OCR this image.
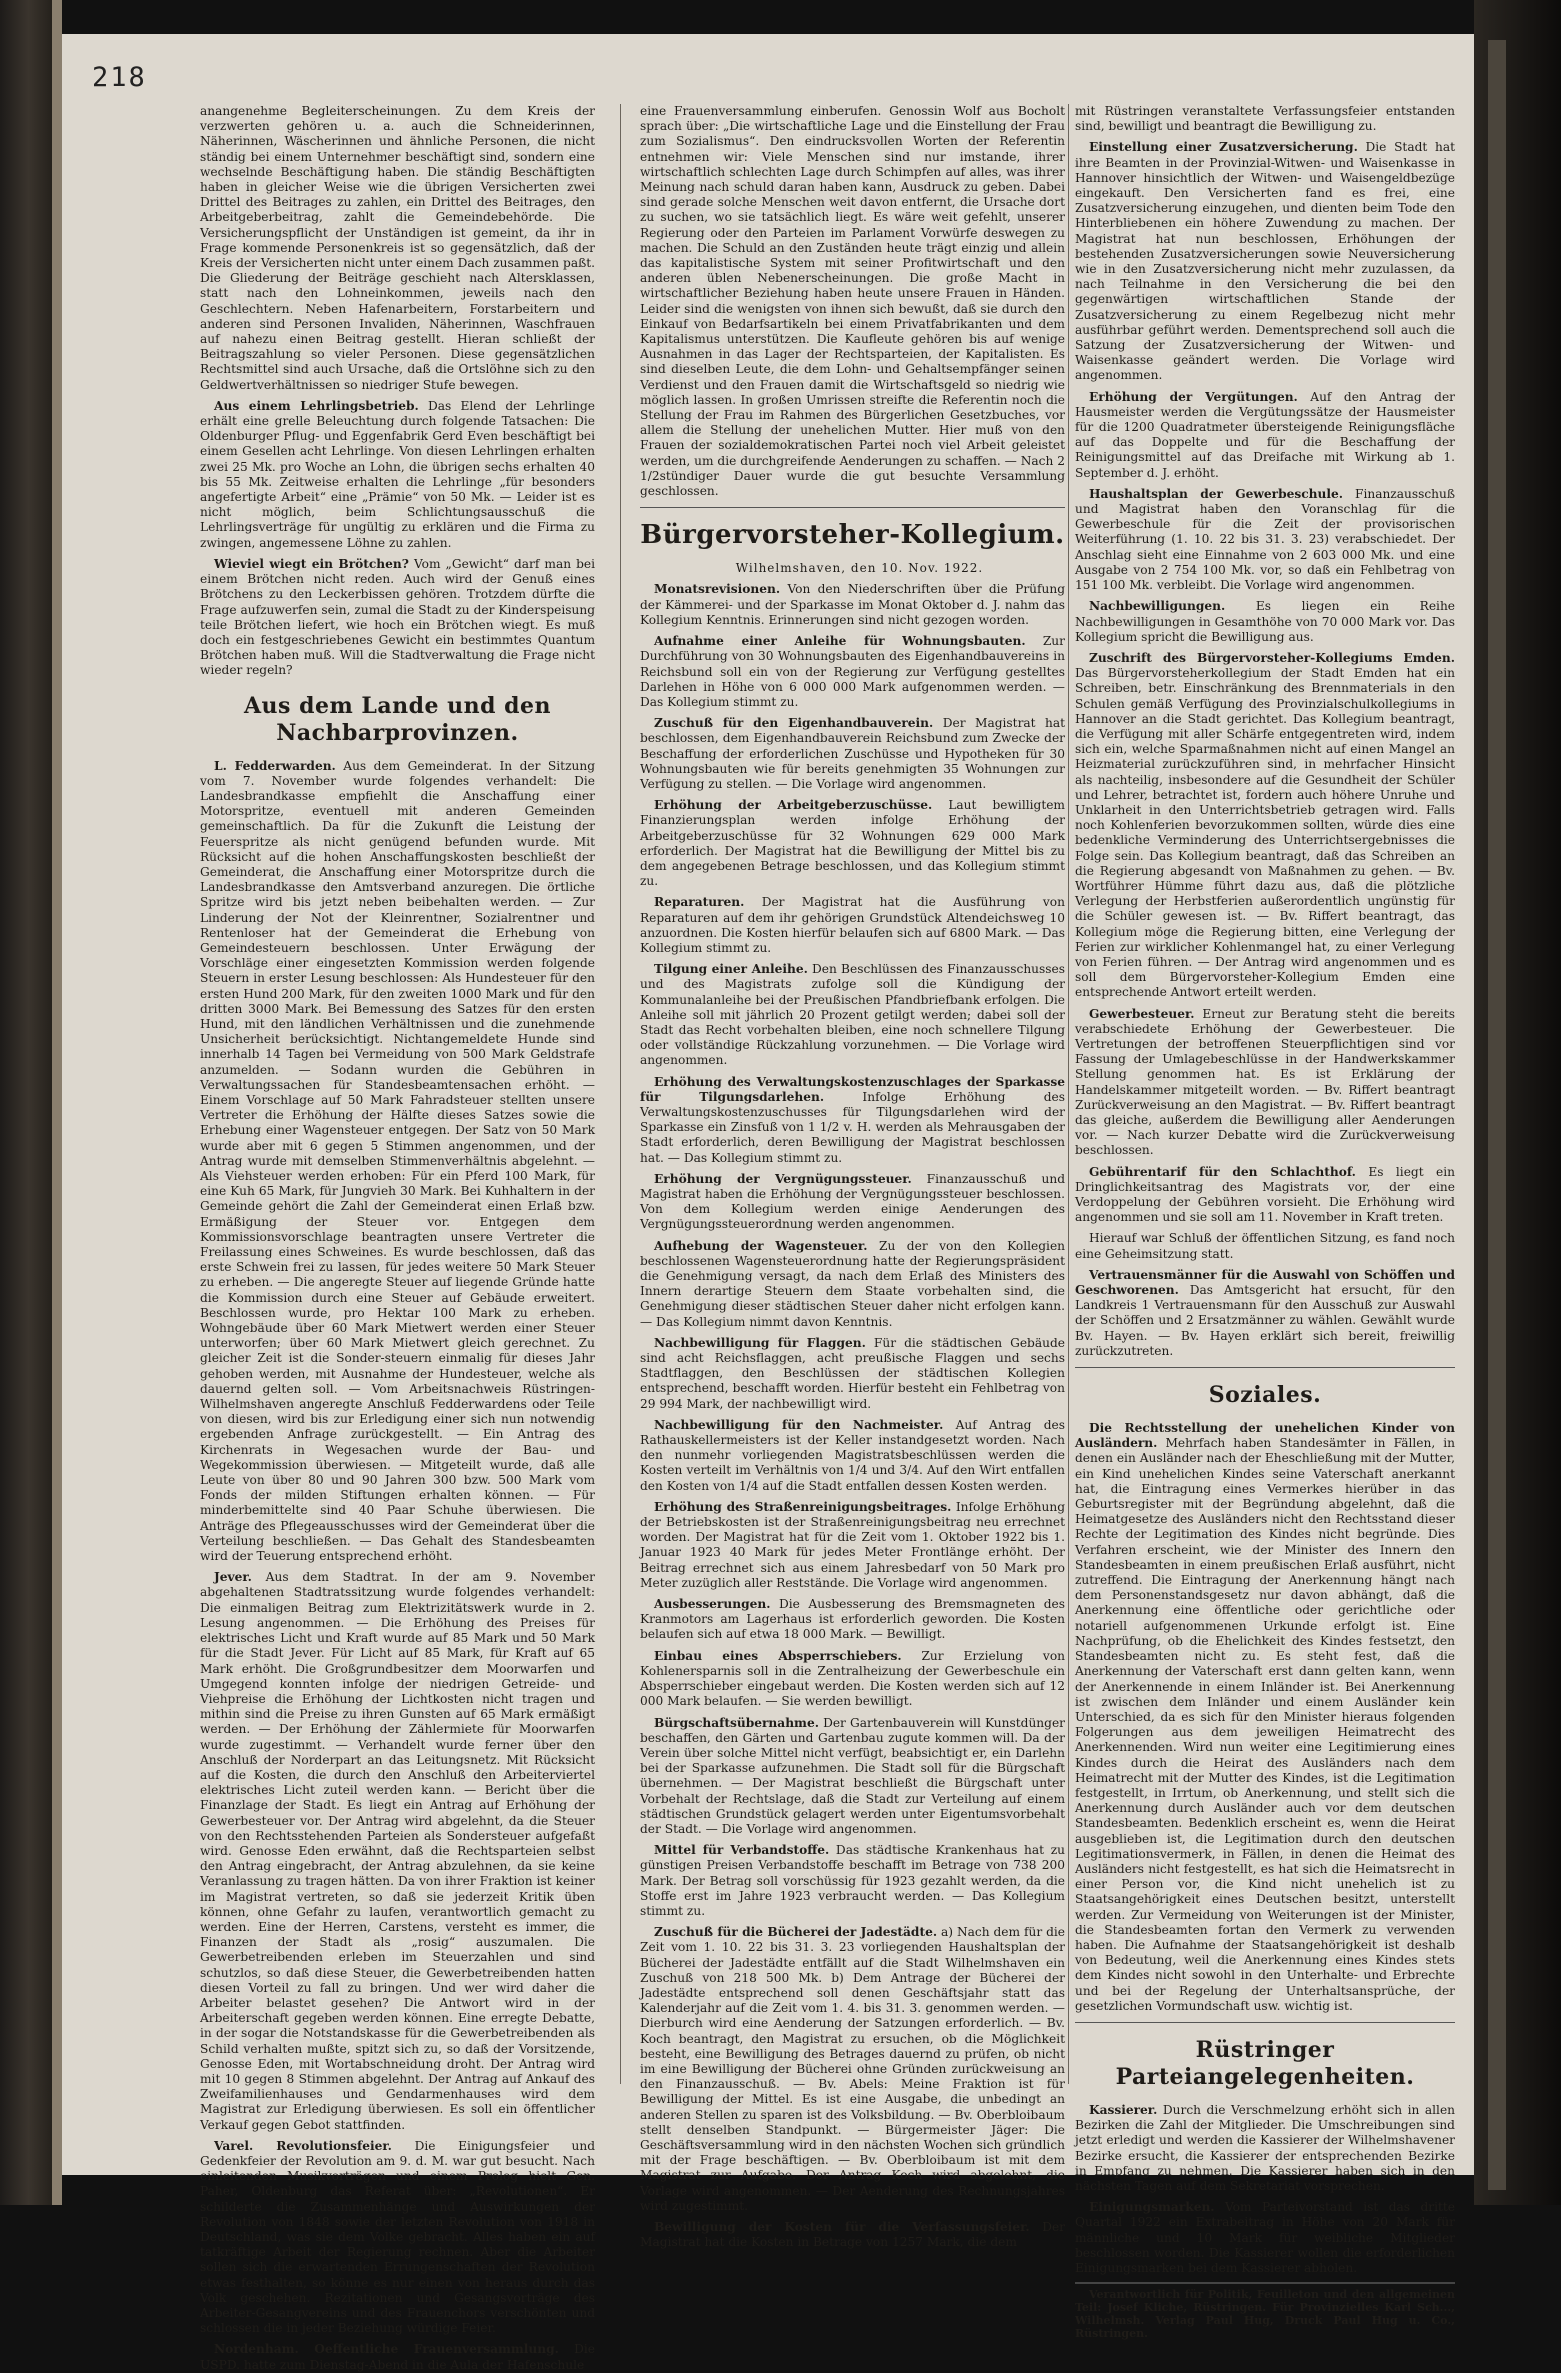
218

anangenehme Begleiterscheinungen. Zu dem Kreis der verzwerten gehören u. a. auch die Schneiderinnen, Näherinnen, Wäscherinnen und ähnliche Personen, die nicht ständig bei einem Unternehmer beschäftigt sind, sondern eine wechselnde Beschäftigung haben. Die ständig Beschäftigten haben in gleicher Weise wie die übrigen Versicherten zwei Drittel des Beitrages zu zahlen, ein Drittel des Beitrages, den Arbeitgeberbeitrag, zahlt die Gemeindebehörde. Die Versicherungspflicht der Unständigen ist gemeint, da ihr in Frage kommende Personenkreis ist so gegensätzlich, daß der Kreis der Versicherten nicht unter einem Dach zusammen paßt. Die Gliederung der Beiträge geschieht nach Altersklassen, statt nach den Lohneinkommen, jeweils nach den Geschlechtern. Neben Hafenarbeitern, Forstarbeitern und anderen sind Personen Invaliden, Näherinnen, Waschfrauen auf nahezu einen Beitrag gestellt. Hieran schließt der Beitragszahlung so vieler Personen. Diese gegensätzlichen Rechtsmittel sind auch Ursache, daß die Ortslöhne sich zu den Geldwertverhältnissen so niedriger Stufe bewegen.

Aus einem Lehrlingsbetrieb. Das Elend der Lehrlinge erhält eine grelle Beleuchtung durch folgende Tatsachen: Die Oldenburger Pflug- und Eggenfabrik Gerd Even beschäftigt bei einem Gesellen acht Lehrlinge. Von diesen Lehrlingen erhalten zwei 25 Mk. pro Woche an Lohn, die übrigen sechs erhalten 40 bis 55 Mk. Zeitweise erhalten die Lehrlinge „für besonders angefertigte Arbeit“ eine „Prämie“ von 50 Mk. — Leider ist es nicht möglich, beim Schlichtungsausschuß die Lehrlingsverträge für ungültig zu erklären und die Firma zu zwingen, angemessene Löhne zu zahlen.

Wieviel wiegt ein Brötchen? Vom „Gewicht“ darf man bei einem Brötchen nicht reden. Auch wird der Genuß eines Brötchens zu den Leckerbissen gehören. Trotzdem dürfte die Frage aufzuwerfen sein, zumal die Stadt zu der Kinderspeisung teile Brötchen liefert, wie hoch ein Brötchen wiegt. Es muß doch ein festgeschriebenes Gewicht ein bestimmtes Quantum Brötchen haben muß. Will die Stadtverwaltung die Frage nicht wieder regeln?

Aus dem Lande und den Nachbarprovinzen.

L. Fedderwarden. Aus dem Gemeinderat. In der Sitzung vom 7. November wurde folgendes verhandelt: Die Landesbrandkasse empfiehlt die Anschaffung einer Motorspritze, eventuell mit anderen Gemeinden gemeinschaftlich. Da für die Zukunft die Leistung der Feuerspritze als nicht genügend befunden wurde. Mit Rücksicht auf die hohen Anschaffungskosten beschließt der Gemeinderat, die Anschaffung einer Motorspritze durch die Landesbrandkasse den Amtsverband anzuregen. Die örtliche Spritze wird bis jetzt neben beibehalten werden. — Zur Linderung der Not der Kleinrentner, Sozialrentner und Rentenloser hat der Gemeinderat die Erhebung von Gemeindesteuern beschlossen. Unter Erwägung der Vorschläge einer eingesetzten Kommission werden folgende Steuern in erster Lesung beschlossen: Als Hundesteuer für den ersten Hund 200 Mark, für den zweiten 1000 Mark und für den dritten 3000 Mark. Bei Bemessung des Satzes für den ersten Hund, mit den ländlichen Verhältnissen und die zunehmende Unsicherheit berücksichtigt. Nichtangemeldete Hunde sind innerhalb 14 Tagen bei Vermeidung von 500 Mark Geldstrafe anzumelden. — Sodann wurden die Gebühren in Verwaltungssachen für Standesbeamtensachen erhöht. — Einem Vorschlage auf 50 Mark Fahradsteuer stellten unsere Vertreter die Erhöhung der Hälfte dieses Satzes sowie die Erhebung einer Wagensteuer entgegen. Der Satz von 50 Mark wurde aber mit 6 gegen 5 Stimmen angenommen, und der Antrag wurde mit demselben Stimmenverhältnis abgelehnt. — Als Viehsteuer werden erhoben: Für ein Pferd 100 Mark, für eine Kuh 65 Mark, für Jungvieh 30 Mark. Bei Kuhhaltern in der Gemeinde gehört die Zahl der Gemeinderat einen Erlaß bzw. Ermäßigung der Steuer vor. Entgegen dem Kommissionsvorschlage beantragten unsere Vertreter die Freilassung eines Schweines. Es wurde beschlossen, daß das erste Schwein frei zu lassen, für jedes weitere 50 Mark Steuer zu erheben. — Die angeregte Steuer auf liegende Gründe hatte die Kommission durch eine Steuer auf Gebäude erweitert. Beschlossen wurde, pro Hektar 100 Mark zu erheben. Wohngebäude über 60 Mark Mietwert werden einer Steuer unterworfen; über 60 Mark Mietwert gleich gerechnet. Zu gleicher Zeit ist die Sonder-steuern einmalig für dieses Jahr gehoben werden, mit Ausnahme der Hundesteuer, welche als dauernd gelten soll. — Vom Arbeitsnachweis Rüstringen-Wilhelmshaven angeregte Anschluß Fedderwardens oder Teile von diesen, wird bis zur Erledigung einer sich nun notwendig ergebenden Anfrage zurückgestellt. — Ein Antrag des Kirchenrats in Wegesachen wurde der Bau- und Wegekommission überwiesen. — Mitgeteilt wurde, daß alle Leute von über 80 und 90 Jahren 300 bzw. 500 Mark vom Fonds der milden Stiftungen erhalten können. — Für minderbemittelte sind 40 Paar Schuhe überwiesen. Die Anträge des Pflegeausschusses wird der Gemeinderat über die Verteilung beschließen. — Das Gehalt des Standesbeamten wird der Teuerung entsprechend erhöht.

Jever. Aus dem Stadtrat. In der am 9. November abgehaltenen Stadtratssitzung wurde folgendes verhandelt: Die einmaligen Beitrag zum Elektrizitätswerk wurde in 2. Lesung angenommen. — Die Erhöhung des Preises für elektrisches Licht und Kraft wurde auf 85 Mark und 50 Mark für die Stadt Jever. Für Licht auf 85 Mark, für Kraft auf 65 Mark erhöht. Die Großgrundbesitzer dem Moorwarfen und Umgegend konnten infolge der niedrigen Getreide- und Viehpreise die Erhöhung der Lichtkosten nicht tragen und mithin sind die Preise zu ihren Gunsten auf 65 Mark ermäßigt werden. — Der Erhöhung der Zählermiete für Moorwarfen wurde zugestimmt. — Verhandelt wurde ferner über den Anschluß der Norderpart an das Leitungsnetz. Mit Rücksicht auf die Kosten, die durch den Anschluß den Arbeiterviertel elektrisches Licht zuteil werden kann. — Bericht über die Finanzlage der Stadt. Es liegt ein Antrag auf Erhöhung der Gewerbesteuer vor. Der Antrag wird abgelehnt, da die Steuer von den Rechtsstehenden Parteien als Sondersteuer aufgefaßt wird. Genosse Eden erwähnt, daß die Rechtsparteien selbst den Antrag eingebracht, der Antrag abzulehnen, da sie keine Veranlassung zu tragen hätten. Da von ihrer Fraktion ist keiner im Magistrat vertreten, so daß sie jederzeit Kritik üben können, ohne Gefahr zu laufen, verantwortlich gemacht zu werden. Eine der Herren, Carstens, versteht es immer, die Finanzen der Stadt als „rosig“ auszumalen. Die Gewerbetreibenden erleben im Steuerzahlen und sind schutzlos, so daß diese Steuer, die Gewerbetreibenden hatten diesen Vorteil zu fall zu bringen. Und wer wird daher die Arbeiter belastet gesehen? Die Antwort wird in der Arbeiterschaft gegeben werden können. Eine erregte Debatte, in der sogar die Notstandskasse für die Gewerbetreibenden als Schild verhalten mußte, spitzt sich zu, so daß der Vorsitzende, Genosse Eden, mit Wortabschneidung droht. Der Antrag wird mit 10 gegen 8 Stimmen abgelehnt. Der Antrag auf Ankauf des Zweifamilienhauses und Gendarmenhauses wird dem Magistrat zur Erledigung überwiesen. Es soll ein öffentlicher Verkauf gegen Gebot stattfinden.

Varel. Revolutionsfeier. Die Einigungsfeier und Gedenkfeier der Revolution am 9. d. M. war gut besucht. Nach einleitenden Musikvorträgen und einem Prolog hielt Gen. Paher, Oldenburg das Referat über: „Revolutionen“. Er schilderte die Zusammenhänge und Auswirkungen der Revolution von 1848 sowie der letzten Revolution von 1918 in Deutschland, was sie dem Volke gebracht. Alles haben ein auf tatkräftige Arbeit der Regierung rechnen. Aber die Arbeiter sollen sich die erwartenden Errungenschaften der Revolution etwas festhalten, so könne es nur einen von heraus durch das Volk geschehen. Rezitationen und Gesangsvorträge des Arbeiter-Gesangvereins und des Frauenchors verschönten und schlossen die in jeder Beziehung würdige Feier.

Nordenham. Oeffentliche Frauenversammlung. Die USPD. hatte zum Dienstag-Abend in die Aula der Hafenschule

eine Frauenversammlung einberufen. Genossin Wolf aus Bocholt sprach über: „Die wirtschaftliche Lage und die Einstellung der Frau zum Sozialismus“. Den eindrucksvollen Worten der Referentin entnehmen wir: Viele Menschen sind nur imstande, ihrer wirtschaftlich schlechten Lage durch Schimpfen auf alles, was ihrer Meinung nach schuld daran haben kann, Ausdruck zu geben. Dabei sind gerade solche Menschen weit davon entfernt, die Ursache dort zu suchen, wo sie tatsächlich liegt. Es wäre weit gefehlt, unserer Regierung oder den Parteien im Parlament Vorwürfe deswegen zu machen. Die Schuld an den Zuständen heute trägt einzig und allein das kapitalistische System mit seiner Profitwirtschaft und den anderen üblen Nebenerscheinungen. Die große Macht in wirtschaftlicher Beziehung haben heute unsere Frauen in Händen. Leider sind die wenigsten von ihnen sich bewußt, daß sie durch den Einkauf von Bedarfsartikeln bei einem Privatfabrikanten und dem Kapitalismus unterstützen. Die Kaufleute gehören bis auf wenige Ausnahmen in das Lager der Rechtsparteien, der Kapitalisten. Es sind dieselben Leute, die dem Lohn- und Gehaltsempfänger seinen Verdienst und den Frauen damit die Wirtschaftsgeld so niedrig wie möglich lassen. In großen Umrissen streifte die Referentin noch die Stellung der Frau im Rahmen des Bürgerlichen Gesetzbuches, vor allem die Stellung der unehelichen Mutter. Hier muß von den Frauen der sozialdemokratischen Partei noch viel Arbeit geleistet werden, um die durchgreifende Aenderungen zu schaffen. — Nach 2 1/2stündiger Dauer wurde die gut besuchte Versammlung geschlossen.

Bürgervorsteher-Kollegium.

Wilhelmshaven, den 10. Nov. 1922.

Monatsrevisionen. Von den Niederschriften über die Prüfung der Kämmerei- und der Sparkasse im Monat Oktober d. J. nahm das Kollegium Kenntnis. Erinnerungen sind nicht gezogen worden.

Aufnahme einer Anleihe für Wohnungsbauten. Zur Durchführung von 30 Wohnungsbauten des Eigenhandbauvereins in Reichsbund soll ein von der Regierung zur Verfügung gestelltes Darlehen in Höhe von 6 000 000 Mark aufgenommen werden. — Das Kollegium stimmt zu.

Zuschuß für den Eigenhandbauverein. Der Magistrat hat beschlossen, dem Eigenhandbauverein Reichsbund zum Zwecke der Beschaffung der erforderlichen Zuschüsse und Hypotheken für 30 Wohnungsbauten wie für bereits genehmigten 35 Wohnungen zur Verfügung zu stellen. — Die Vorlage wird angenommen.

Erhöhung der Arbeitgeberzuschüsse. Laut bewilligtem Finanzierungsplan werden infolge Erhöhung der Arbeitgeberzuschüsse für 32 Wohnungen 629 000 Mark erforderlich. Der Magistrat hat die Bewilligung der Mittel bis zu dem angegebenen Betrage beschlossen, und das Kollegium stimmt zu.

Reparaturen. Der Magistrat hat die Ausführung von Reparaturen auf dem ihr gehörigen Grundstück Altendeichsweg 10 anzuordnen. Die Kosten hierfür belaufen sich auf 6800 Mark. — Das Kollegium stimmt zu.

Tilgung einer Anleihe. Den Beschlüssen des Finanzausschusses und des Magistrats zufolge soll die Kündigung der Kommunalanleihe bei der Preußischen Pfandbriefbank erfolgen. Die Anleihe soll mit jährlich 20 Prozent getilgt werden; dabei soll der Stadt das Recht vorbehalten bleiben, eine noch schnellere Tilgung oder vollständige Rückzahlung vorzunehmen. — Die Vorlage wird angenommen.

Erhöhung des Verwaltungskostenzuschlages der Sparkasse für Tilgungsdarlehen.	Infolge Erhöhung des Verwaltungskostenzuschusses für Tilgungsdarlehen wird der Sparkasse ein Zinsfuß von 1 1/2 v. H. werden als Mehrausgaben der Stadt erforderlich, deren Bewilligung der Magistrat beschlossen hat. — Das Kollegium stimmt zu.

Erhöhung der Vergnügungssteuer. Finanzausschuß und Magistrat haben die Erhöhung der Vergnügungssteuer beschlossen. Von dem Kollegium werden einige Aenderungen des Vergnügungssteuerordnung werden angenommen.

Aufhebung der Wagensteuer. Zu der von den Kollegien beschlossenen Wagensteuerordnung hatte der Regierungspräsident die Genehmigung versagt, da nach dem Erlaß des Ministers des Innern derartige Steuern dem Staate vorbehalten sind, die Genehmigung dieser städtischen Steuer daher nicht erfolgen kann. — Das Kollegium nimmt davon Kenntnis.

Nachbewilligung für Flaggen. Für die städtischen Gebäude sind acht Reichsflaggen, acht preußische Flaggen und sechs Stadtflaggen, den Beschlüssen der städtischen Kollegien entsprechend, beschafft worden. Hierfür besteht ein Fehlbetrag von 29 994 Mark, der nachbewilligt wird.

Nachbewilligung für den Nachmeister. Auf Antrag des Rathauskellermeisters ist der Keller instandgesetzt worden. Nach den nunmehr vorliegenden Magistratsbeschlüssen werden die Kosten verteilt im Verhältnis von 1/4 und 3/4. Auf den Wirt entfallen den Kosten von 1/4 auf die Stadt entfallen dessen Kosten werden.

Erhöhung des Straßenreinigungsbeitrages. Infolge Erhöhung der Betriebskosten ist der Straßenreinigungsbeitrag neu errechnet worden. Der Magistrat hat für die Zeit vom 1. Oktober 1922 bis 1. Januar 1923 40 Mark für jedes Meter Frontlänge erhöht. Der Beitrag errechnet sich aus einem Jahresbedarf von 50 Mark pro Meter zuzüglich aller Reststände. Die Vorlage wird angenommen.

Ausbesserungen. Die Ausbesserung des Bremsmagneten des Kranmotors am Lagerhaus ist erforderlich geworden. Die Kosten belaufen sich auf etwa 18 000 Mark. — Bewilligt.

Einbau eines Absperrschiebers. Zur Erzielung von Kohlenersparnis soll in die Zentralheizung der Gewerbeschule ein Absperrschieber eingebaut werden. Die Kosten werden sich auf 12 000 Mark belaufen. — Sie werden bewilligt.

Bürgschaftsübernahme. Der Gartenbauverein will Kunstdünger beschaffen, den Gärten und Gartenbau zugute kommen will. Da der Verein über solche Mittel nicht verfügt, beabsichtigt er, ein Darlehn bei der Sparkasse aufzunehmen. Die Stadt soll für die Bürgschaft übernehmen. — Der Magistrat beschließt die Bürgschaft unter Vorbehalt der Rechtslage, daß die Stadt zur Verteilung auf einem städtischen Grundstück gelagert werden unter Eigentumsvorbehalt der Stadt. — Die Vorlage wird angenommen.

Mittel für Verbandstoffe. Das städtische Krankenhaus hat zu günstigen Preisen Verbandstoffe beschafft im Betrage von 738 200 Mark. Der Betrag soll vorschüssig für 1923 gezahlt werden, da die Stoffe erst im Jahre 1923 verbraucht werden. — Das Kollegium stimmt zu.

Zuschuß für die Bücherei der Jadestädte. a) Nach dem für die Zeit vom 1. 10. 22 bis 31. 3. 23 vorliegenden Haushaltsplan der Bücherei der Jadestädte entfällt auf die Stadt Wilhelmshaven ein Zuschuß von 218 500 Mk. b) Dem Antrage der Bücherei der Jadestädte entsprechend soll denen Geschäftsjahr statt das Kalenderjahr auf die Zeit vom 1. 4. bis 31. 3. genommen werden. — Dierburch wird eine Aenderung der Satzungen erforderlich. — Bv. Koch beantragt, den Magistrat zu ersuchen, ob die Möglichkeit besteht, eine Bewilligung des Betrages dauernd zu prüfen, ob nicht im eine Bewilligung der Bücherei ohne Gründen zurückweisung an den Finanzausschuß. — Bv. Abels: Meine Fraktion ist für Bewilligung der Mittel. Es ist eine Ausgabe, die unbedingt an anderen Stellen zu sparen ist des Volksbildung. — Bv. Oberbloibaum stellt denselben Standpunkt. — Bürgermeister Jäger: Die Geschäftsversammlung wird in den nächsten Wochen sich gründlich mit der Frage beschäftigen. — Bv. Oberbloibaum ist mit dem Magistrat zur Aufgabe. Der Antrag Koch wird abgelehnt, die Vorlage wird angenommen. — Der Aenderung des Rechnungsjahres wird zugestimmt.

Bewilligung der Kosten für die Verfassungsfeier. Der Magistrat hat die Kosten in Betrage von 1257 Mark, die dem

mit Rüstringen veranstaltete Verfassungsfeier entstanden sind, bewilligt und beantragt die Bewilligung zu.

Einstellung einer Zusatzversicherung. Die Stadt hat ihre Beamten in der Provinzial-Witwen- und Waisenkasse in Hannover hinsichtlich der Witwen- und Waisengeldbezüge eingekauft. Den Versicherten fand es frei, eine Zusatzversicherung einzugehen, und dienten beim Tode den Hinterbliebenen ein höhere Zuwendung zu machen. Der Magistrat hat nun beschlossen, Erhöhungen der bestehenden Zusatzversicherungen sowie Neuversicherung wie in den Zusatzversicherung nicht mehr zuzulassen, da nach Teilnahme in den Versicherung die bei den gegenwärtigen wirtschaftlichen Stande der Zusatzversicherung zu einem Regelbezug nicht mehr ausführbar geführt werden. Dementsprechend soll auch die Satzung der Zusatzversicherung der Witwen- und Waisenkasse geändert werden. Die Vorlage wird angenommen.

Erhöhung der Vergütungen. Auf den Antrag der Hausmeister werden die Vergütungssätze der Hausmeister für die 1200 Quadratmeter übersteigende Reinigungsfläche auf das Doppelte und für die Beschaffung der Reinigungsmittel auf das Dreifache mit Wirkung ab 1. September d. J. erhöht.

Haushaltsplan der Gewerbeschule. Finanzausschuß und Magistrat haben den Voranschlag für die Gewerbeschule für die Zeit der provisorischen Weiterführung (1. 10. 22 bis 31. 3. 23) verabschiedet. Der Anschlag sieht eine Einnahme von 2 603 000 Mk. und eine Ausgabe von 2 754 100 Mk. vor, so daß ein Fehlbetrag von 151 100 Mk. verbleibt. Die Vorlage wird angenommen.

Nachbewilligungen.	Es liegen ein Reihe Nachbewilligungen in Gesamthöhe von 70 000 Mark vor. Das Kollegium spricht die Bewilligung aus.

Zuschrift des Bürgervorsteher-Kollegiums Emden. Das Bürgervorsteherkollegium der Stadt Emden hat ein Schreiben, betr. Einschränkung des Brennmaterials in den Schulen gemäß Verfügung des Provinzialschulkollegiums in Hannover an die Stadt gerichtet. Das Kollegium beantragt, die Verfügung mit aller Schärfe entgegentreten wird, indem sich ein, welche Sparmaßnahmen nicht auf einen Mangel an Heizmaterial zurückzuführen sind, in mehrfacher Hinsicht als nachteilig, insbesondere auf die Gesundheit der Schüler und Lehrer, betrachtet ist, fordern auch höhere Unruhe und Unklarheit in den Unterrichtsbetrieb getragen wird. Falls noch Kohlenferien bevorzukommen sollten, würde dies eine bedenkliche Verminderung des Unterrichtsergebnisses die Folge sein. Das Kollegium beantragt, daß das Schreiben an die Regierung abgesandt von Maßnahmen zu gehen. — Bv. Wortführer Hümme führt dazu aus, daß die plötzliche Verlegung der Herbstferien außerordentlich ungünstig für die Schüler gewesen ist. — Bv. Riffert beantragt, das Kollegium möge die Regierung bitten, eine Verlegung der Ferien zur wirklicher Kohlenmangel hat, zu einer Verlegung von Ferien führen. — Der Antrag wird angenommen und es soll dem Bürgervorsteher-Kollegium Emden eine entsprechende Antwort erteilt werden.

Gewerbesteuer. Erneut zur Beratung steht die bereits verabschiedete Erhöhung der Gewerbesteuer. Die Vertretungen der betroffenen Steuerpflichtigen sind vor Fassung der Umlagebeschlüsse in der Handwerkskammer Stellung genommen hat. Es ist Erklärung der Handelskammer mitgeteilt worden. — Bv. Riffert beantragt Zurückverweisung an den Magistrat. — Bv. Riffert beantragt das gleiche, außerdem die Bewilligung aller Aenderungen vor. — Nach kurzer Debatte wird die Zurückverweisung beschlossen.

Gebührentarif für den Schlachthof. Es liegt ein Dringlichkeitsantrag des Magistrats vor, der eine Verdoppelung der Gebühren vorsieht. Die Erhöhung wird angenommen und sie soll am 11. November in Kraft treten.

Hierauf war Schluß der öffentlichen Sitzung, es fand noch eine Geheimsitzung statt.

Vertrauensmänner für die Auswahl von Schöffen und Geschworenen. Das Amtsgericht hat ersucht, für den Landkreis 1 Vertrauensmann für den Ausschuß zur Auswahl der Schöffen und 2 Ersatzmänner zu wählen. Gewählt wurde Bv. Hayen. — Bv. Hayen erklärt sich bereit, freiwillig zurückzutreten.

Soziales.

Die Rechtsstellung der unehelichen Kinder von Ausländern. Mehrfach haben Standesämter in Fällen, in denen ein Ausländer nach der Eheschließung mit der Mutter, ein Kind unehelichen Kindes seine Vaterschaft anerkannt hat, die Eintragung eines Vermerkes hierüber in das Geburtsregister mit der Begründung abgelehnt, daß die Heimatgesetze des Ausländers nicht den Rechtsstand dieser Rechte der Legitimation des Kindes nicht begründe. Dies Verfahren erscheint, wie der Minister des Innern den Standesbeamten in einem preußischen Erlaß ausführt, nicht zutreffend. Die Eintragung der Anerkennung hängt nach dem Personenstandsgesetz nur davon abhängt, daß die Anerkennung eine öffentliche oder gerichtliche oder notariell aufgenommenen Urkunde erfolgt ist. Eine Nachprüfung, ob die Ehelichkeit des Kindes festsetzt, den Standesbeamten nicht zu. Es steht fest, daß die Anerkennung der Vaterschaft erst dann gelten kann, wenn der Anerkennende in einem Inländer ist. Bei Anerkennung ist zwischen dem Inländer und einem Ausländer kein Unterschied, da es sich für den Minister hieraus folgenden Folgerungen aus dem jeweiligen Heimatrecht des Anerkennenden. Wird nun weiter eine Legitimierung eines Kindes durch die Heirat des Ausländers nach dem Heimatrecht mit der Mutter des Kindes, ist die Legitimation festgestellt, in Irrtum, ob Anerkennung, und stellt sich die Anerkennung durch Ausländer auch vor dem deutschen Standesbeamten. Bedenklich erscheint es, wenn die Heirat ausgeblieben ist, die Legitimation durch den deutschen Legitimationsvermerk, in Fällen, in denen die Heimat des Ausländers nicht festgestellt, es hat sich die Heimatsrecht in einer Person vor, die Kind nicht unehelich ist zu Staatsangehörigkeit eines Deutschen besitzt, unterstellt werden. Zur Vermeidung von Weiterungen ist der Minister, die Standesbeamten fortan den Vermerk zu verwenden haben. Die Aufnahme der Staatsangehörigkeit ist deshalb von Bedeutung, weil die Anerkennung eines Kindes stets dem Kindes nicht sowohl in den Unterhalte- und Erbrechte und bei der Regelung der Unterhaltsansprüche, der gesetzlichen Vormundschaft usw. wichtig ist.

Rüstringer Parteiangelegenheiten.

Kassierer. Durch die Verschmelzung erhöht sich in allen Bezirken die Zahl der Mitglieder. Die Umschreibungen sind jetzt erledigt und werden die Kassierer der Wilhelmshavener Bezirke ersucht, die Kassierer der entsprechenden Bezirke in Empfang zu nehmen. Die Kassierer haben sich in den nächsten Tagen auf dem Sekretariat vorsprechen.

Einigungsmarken. Vom Parteivorstand ist das dritte Quartal 1922 ein Extrabeitrag in Höhe von 20 Mark für männliche und 10 Mark für weibliche Mitglieder beschlossen worden. Die Kassierer wollen die erforderlichen Einigungsmarken bei dem Kassierer abholen.

Verantwortlich für Politik, Feuilleton und den allgemeinen Teil: Josef Kliche, Rüstringen. Für Provinzielles Karl Sch..., Wilhelmsh. Verlag Paul Hug, Druck Paul Hug u. Co., Rüstringen.
